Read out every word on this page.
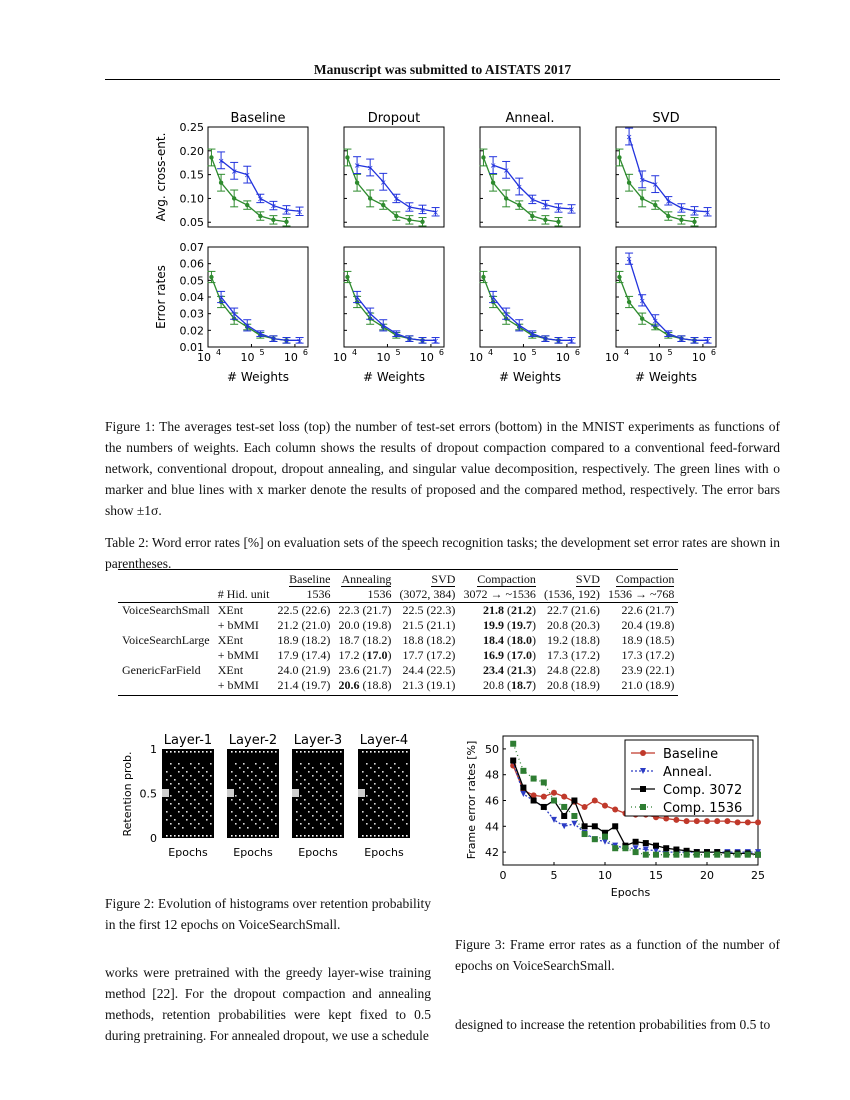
Manuscript was submitted to AISTATS 2017
Baseline
×
× ×
×
× × ×
0.25
0.20
0.15
0.10
0.05
×
×
×
×
× × ×
0.07
0.06
0.05
0.04
0.03
0.02
0.01
10 4 10 5 10 6
# Weights
Dropout
× ×
×
×
× × ×
×
×
×
×
× × ×
10 4 10 5 10 6
# Weights
Anneal.
×
×
×
×
× × ×
×
×
×
×
× × ×
10 4 10 5 10 6
# Weights
SVD
×
×
×
×
× × ×
×
×
×
×
× × ×
10 4 10 5 10 6
# Weights
Avg. cross-ent.
Error rates
Figure 1: The averages test-set loss (top) the number of test-set errors (bottom) in the MNIST experiments as functions of the numbers of weights. Each column shows the results of dropout compaction compared to a conventional feed-forward network, conventional dropout, dropout annealing, and singular value decomposition, respectively. The green lines with o marker and blue lines with x marker denote the results of proposed and the compared method, respectively. The error bars show ±1σ.
Table 2: Word error rates [%] on evaluation sets of the speech recognition tasks; the development set error rates are shown in parentheses.
		Baseline	Annealing	SVD	Compaction	SVD	Compaction
	# Hid. unit	1536	1536	(3072, 384)	3072 → ~1536	(1536, 192)	1536 → ~768
VoiceSearchSmall	XEnt	22.5 (22.6)	22.3 (21.7)	22.5 (22.3)	21.8 (21.2)	22.7 (21.6)	22.6 (21.7)
	+ bMMI	21.2 (21.0)	20.0 (19.8)	21.5 (21.1)	19.9 (19.7)	20.8 (20.3)	20.4 (19.8)
VoiceSearchLarge	XEnt	18.9 (18.2)	18.7 (18.2)	18.8 (18.2)	18.4 (18.0)	19.2 (18.8)	18.9 (18.5)
	+ bMMI	17.9 (17.4)	17.2 (17.0)	17.7 (17.2)	16.9 (17.0)	17.3 (17.2)	17.3 (17.2)
GenericFarField	XEnt	24.0 (21.9)	23.6 (21.7)	24.4 (22.5)	23.4 (21.3)	24.8 (22.8)	23.9 (22.1)
	+ bMMI	21.4 (19.7)	20.6 (18.8)	21.3 (19.1)	20.8 (18.7)	20.8 (18.9)	21.0 (18.9)
Layer-1
Epochs
Layer-2
Epochs
Layer-3
Epochs
Layer-4
Epochs
1
0.5
0
Retention prob.
Figure 2: Evolution of histograms over retention probability in the first 12 epochs on VoiceSearchSmall.
0	5	10	15	20	25
42
44
46
48
50
Epochs
Frame error rates [%]	Baseline
Anneal.
Comp. 3072
Comp. 1536
Figure 3: Frame error rates as a function of the number of epochs on VoiceSearchSmall.
works were pretrained with the greedy layer-wise training method [22]. For the dropout compaction and annealing methods, retention probabilities were kept fixed to 0.5 during pretraining. For annealed dropout, we use a schedule
designed to increase the retention probabilities from 0.5 to
